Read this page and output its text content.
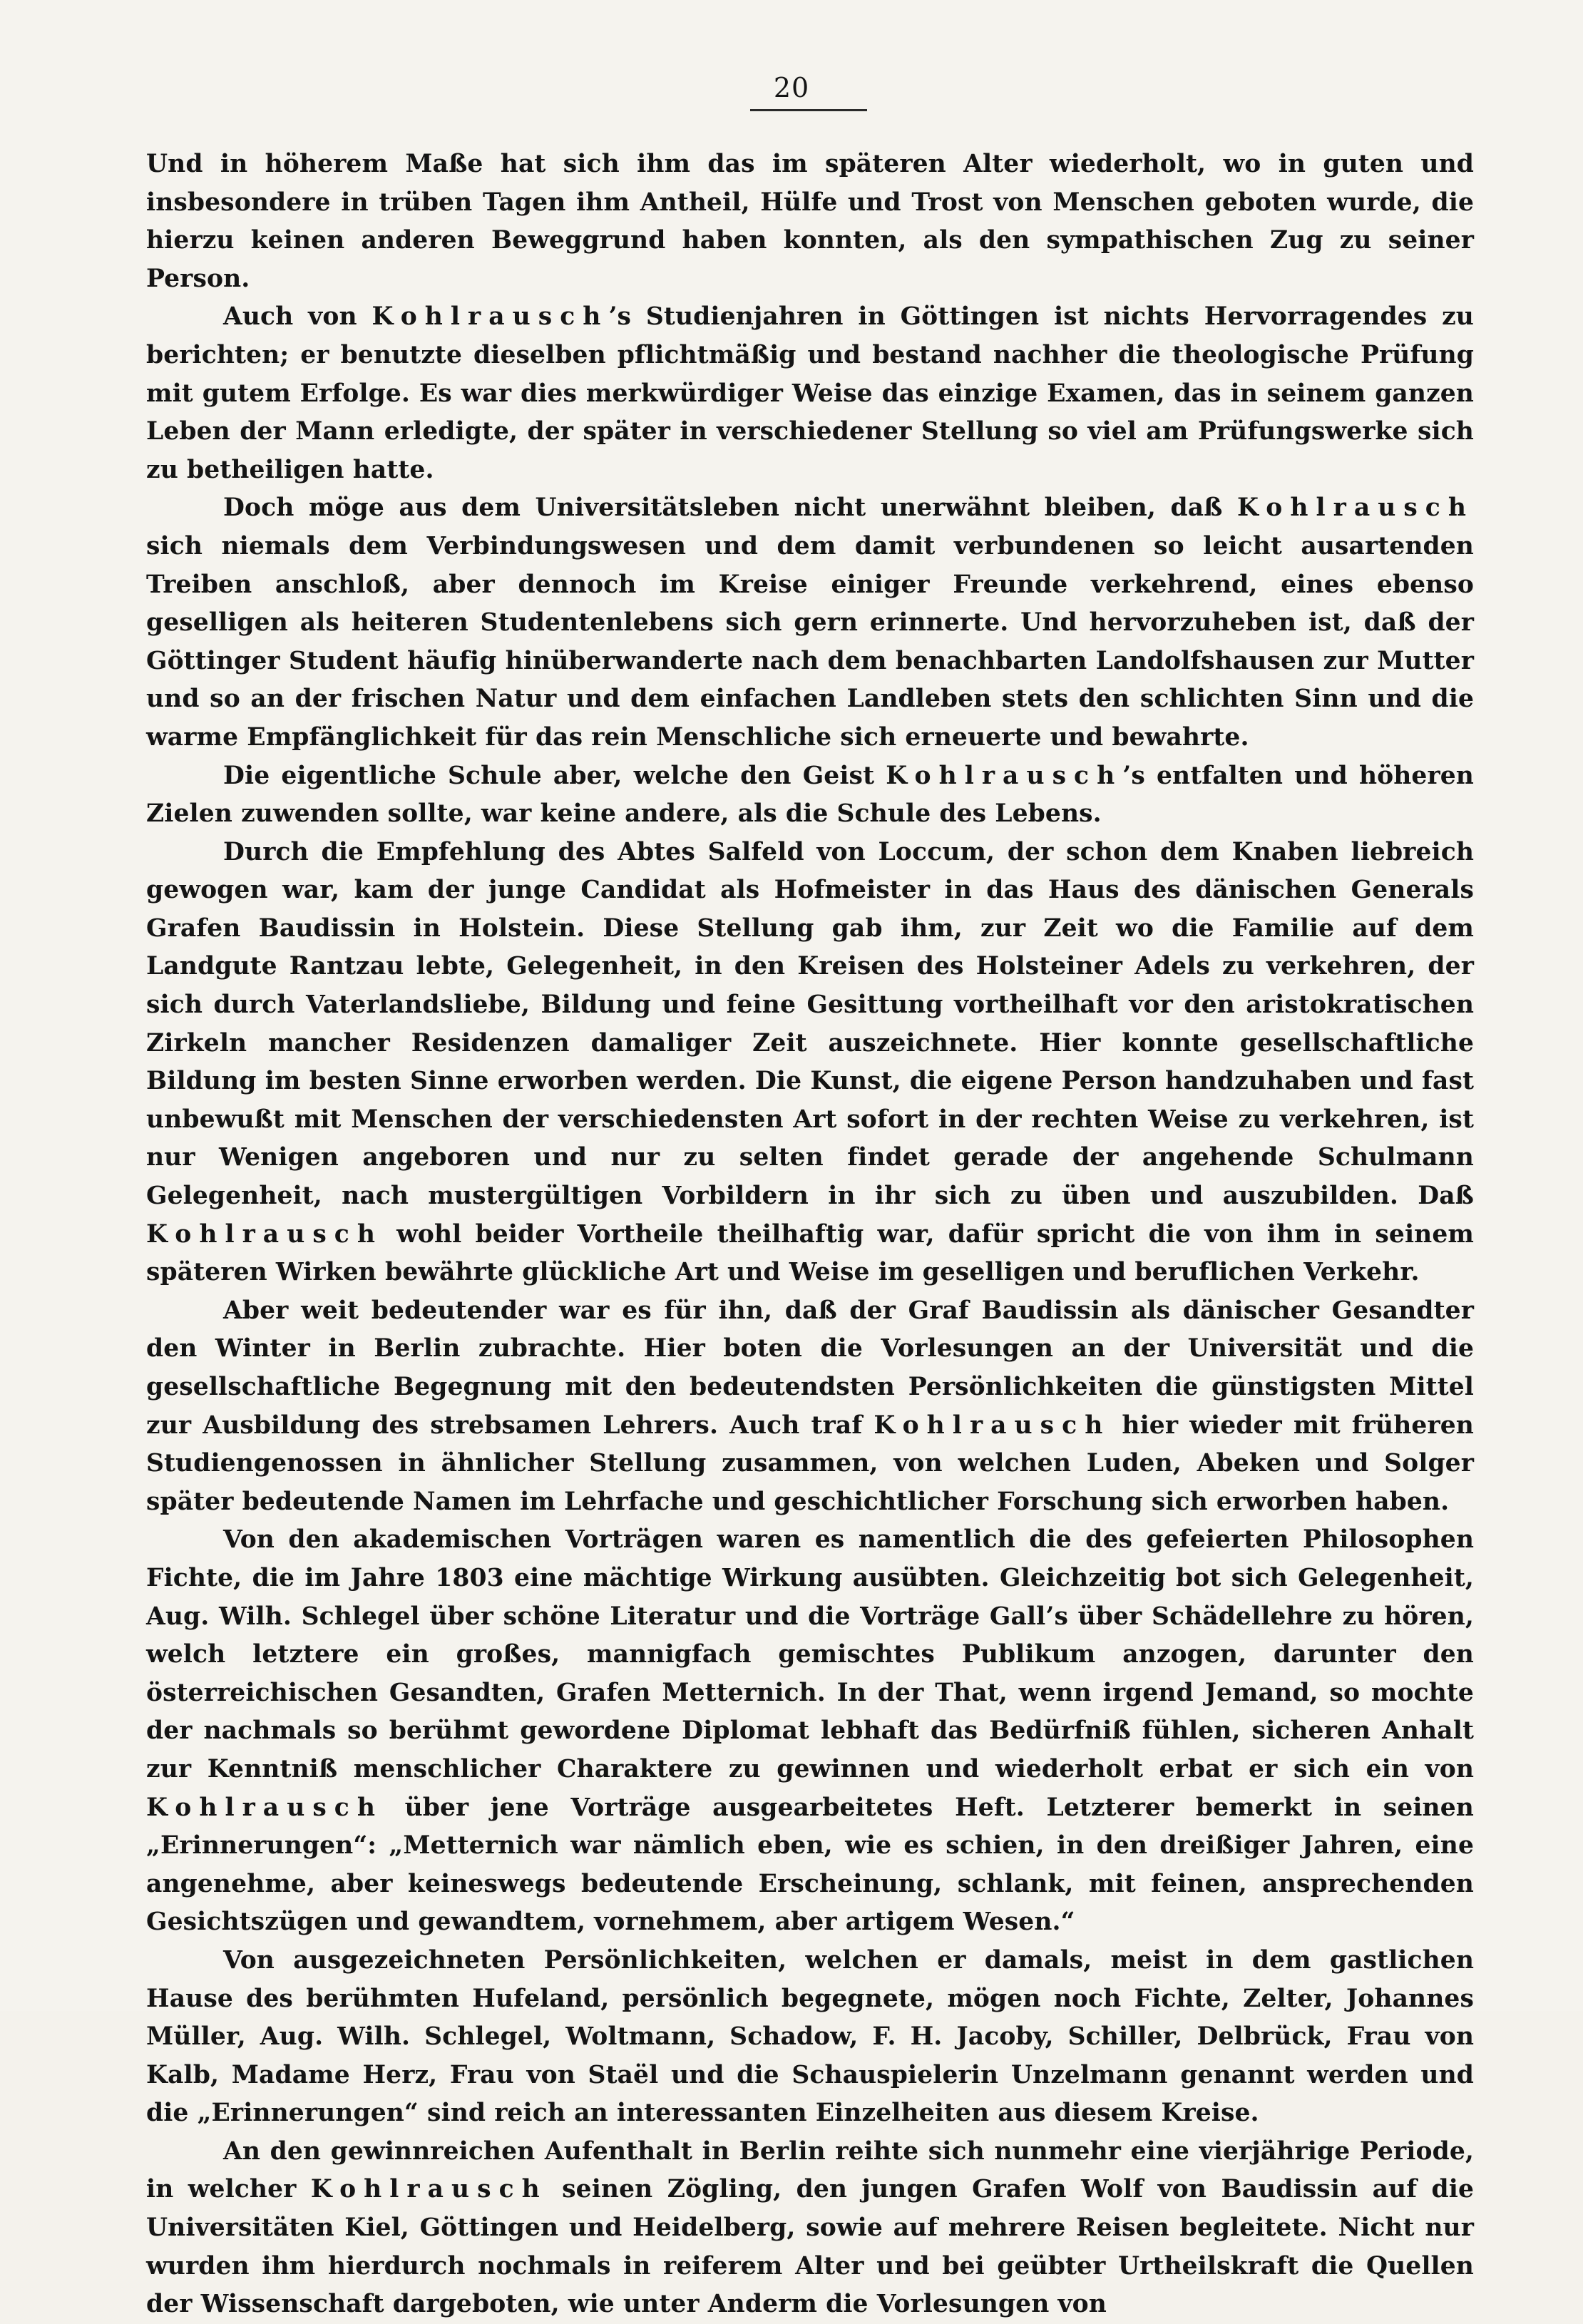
20

Und in höherem Maße hat sich ihm das im späteren Alter wiederholt, wo in guten und insbesondere in trüben Tagen ihm Antheil, Hülfe und Trost von Menschen geboten wurde, die hierzu keinen anderen Beweggrund haben konnten, als den sympathischen Zug zu seiner Person.

Auch von Kohlrausch’s Studienjahren in Göttingen ist nichts Hervorragendes zu berichten; er benutzte dieselben pflichtmäßig und bestand nachher die theologische Prüfung mit gutem Erfolge. Es war dies merkwürdiger Weise das einzige Examen, das in seinem ganzen Leben der Mann erledigte, der später in verschiedener Stellung so viel am Prüfungswerke sich zu betheiligen hatte.

Doch möge aus dem Universitätsleben nicht unerwähnt bleiben, daß Kohlrausch sich niemals dem Verbindungswesen und dem damit verbundenen so leicht ausartenden Treiben anschloß, aber dennoch im Kreise einiger Freunde verkehrend, eines ebenso geselligen als heiteren Studentenlebens sich gern erinnerte. Und hervorzuheben ist, daß der Göttinger Student häufig hinüberwanderte nach dem benachbarten Landolfshausen zur Mutter und so an der frischen Natur und dem einfachen Landleben stets den schlichten Sinn und die warme Empfänglichkeit für das rein Menschliche sich erneuerte und bewahrte.

Die eigentliche Schule aber, welche den Geist Kohlrausch’s entfalten und höheren Zielen zuwenden sollte, war keine andere, als die Schule des Lebens.

Durch die Empfehlung des Abtes Salfeld von Loccum, der schon dem Knaben liebreich gewogen war, kam der junge Candidat als Hofmeister in das Haus des dänischen Generals Grafen Baudissin in Holstein. Diese Stellung gab ihm, zur Zeit wo die Familie auf dem Landgute Rantzau lebte, Gelegenheit, in den Kreisen des Holsteiner Adels zu verkehren, der sich durch Vaterlandsliebe, Bildung und feine Gesittung vortheilhaft vor den aristokratischen Zirkeln mancher Residenzen damaliger Zeit auszeichnete. Hier konnte gesellschaftliche Bildung im besten Sinne erworben werden. Die Kunst, die eigene Person handzuhaben und fast unbewußt mit Menschen der verschiedensten Art sofort in der rechten Weise zu verkehren, ist nur Wenigen angeboren und nur zu selten findet gerade der angehende Schulmann Gelegenheit, nach mustergültigen Vorbildern in ihr sich zu üben und auszubilden. Daß Kohlrausch wohl beider Vortheile theilhaftig war, dafür spricht die von ihm in seinem späteren Wirken bewährte glückliche Art und Weise im geselligen und beruflichen Verkehr.

Aber weit bedeutender war es für ihn, daß der Graf Baudissin als dänischer Gesandter den Winter in Berlin zubrachte. Hier boten die Vorlesungen an der Universität und die gesellschaftliche Begegnung mit den bedeutendsten Persönlichkeiten die günstigsten Mittel zur Ausbildung des strebsamen Lehrers. Auch traf Kohlrausch hier wieder mit früheren Studiengenossen in ähnlicher Stellung zusammen, von welchen Luden, Abeken und Solger später bedeutende Namen im Lehrfache und geschichtlicher Forschung sich erworben haben.

Von den akademischen Vorträgen waren es namentlich die des gefeierten Philosophen Fichte, die im Jahre 1803 eine mächtige Wirkung ausübten. Gleichzeitig bot sich Gelegenheit, Aug. Wilh. Schlegel über schöne Literatur und die Vorträge Gall’s über Schädellehre zu hören, welch letztere ein großes, mannigfach gemischtes Publikum anzogen, darunter den österreichischen Gesandten, Grafen Metternich. In der That, wenn irgend Jemand, so mochte der nachmals so berühmt gewordene Diplomat lebhaft das Bedürfniß fühlen, sicheren Anhalt zur Kenntniß menschlicher Charaktere zu gewinnen und wiederholt erbat er sich ein von Kohlrausch über jene Vorträge ausgearbeitetes Heft. Letzterer bemerkt in seinen „Erinnerungen“: „Metternich war nämlich eben, wie es schien, in den dreißiger Jahren, eine angenehme, aber keineswegs bedeutende Erscheinung, schlank, mit feinen, ansprechenden Gesichtszügen und gewandtem, vornehmem, aber artigem Wesen.“

Von ausgezeichneten Persönlichkeiten, welchen er damals, meist in dem gastlichen Hause des berühmten Hufeland, persönlich begegnete, mögen noch Fichte, Zelter, Johannes Müller, Aug. Wilh. Schlegel, Woltmann, Schadow, F. H. Jacoby, Schiller, Delbrück, Frau von Kalb, Madame Herz, Frau von Staël und die Schauspielerin Unzelmann genannt werden und die „Erinnerungen“ sind reich an interessanten Einzelheiten aus diesem Kreise.

An den gewinnreichen Aufenthalt in Berlin reihte sich nunmehr eine vierjährige Periode, in welcher Kohlrausch seinen Zögling, den jungen Grafen Wolf von Baudissin auf die Universitäten Kiel, Göttingen und Heidelberg, sowie auf mehrere Reisen begleitete. Nicht nur wurden ihm hierdurch nochmals in reiferem Alter und bei geübter Urtheilskraft die Quellen der Wissenschaft dargeboten, wie unter Anderm die Vorlesungen von
